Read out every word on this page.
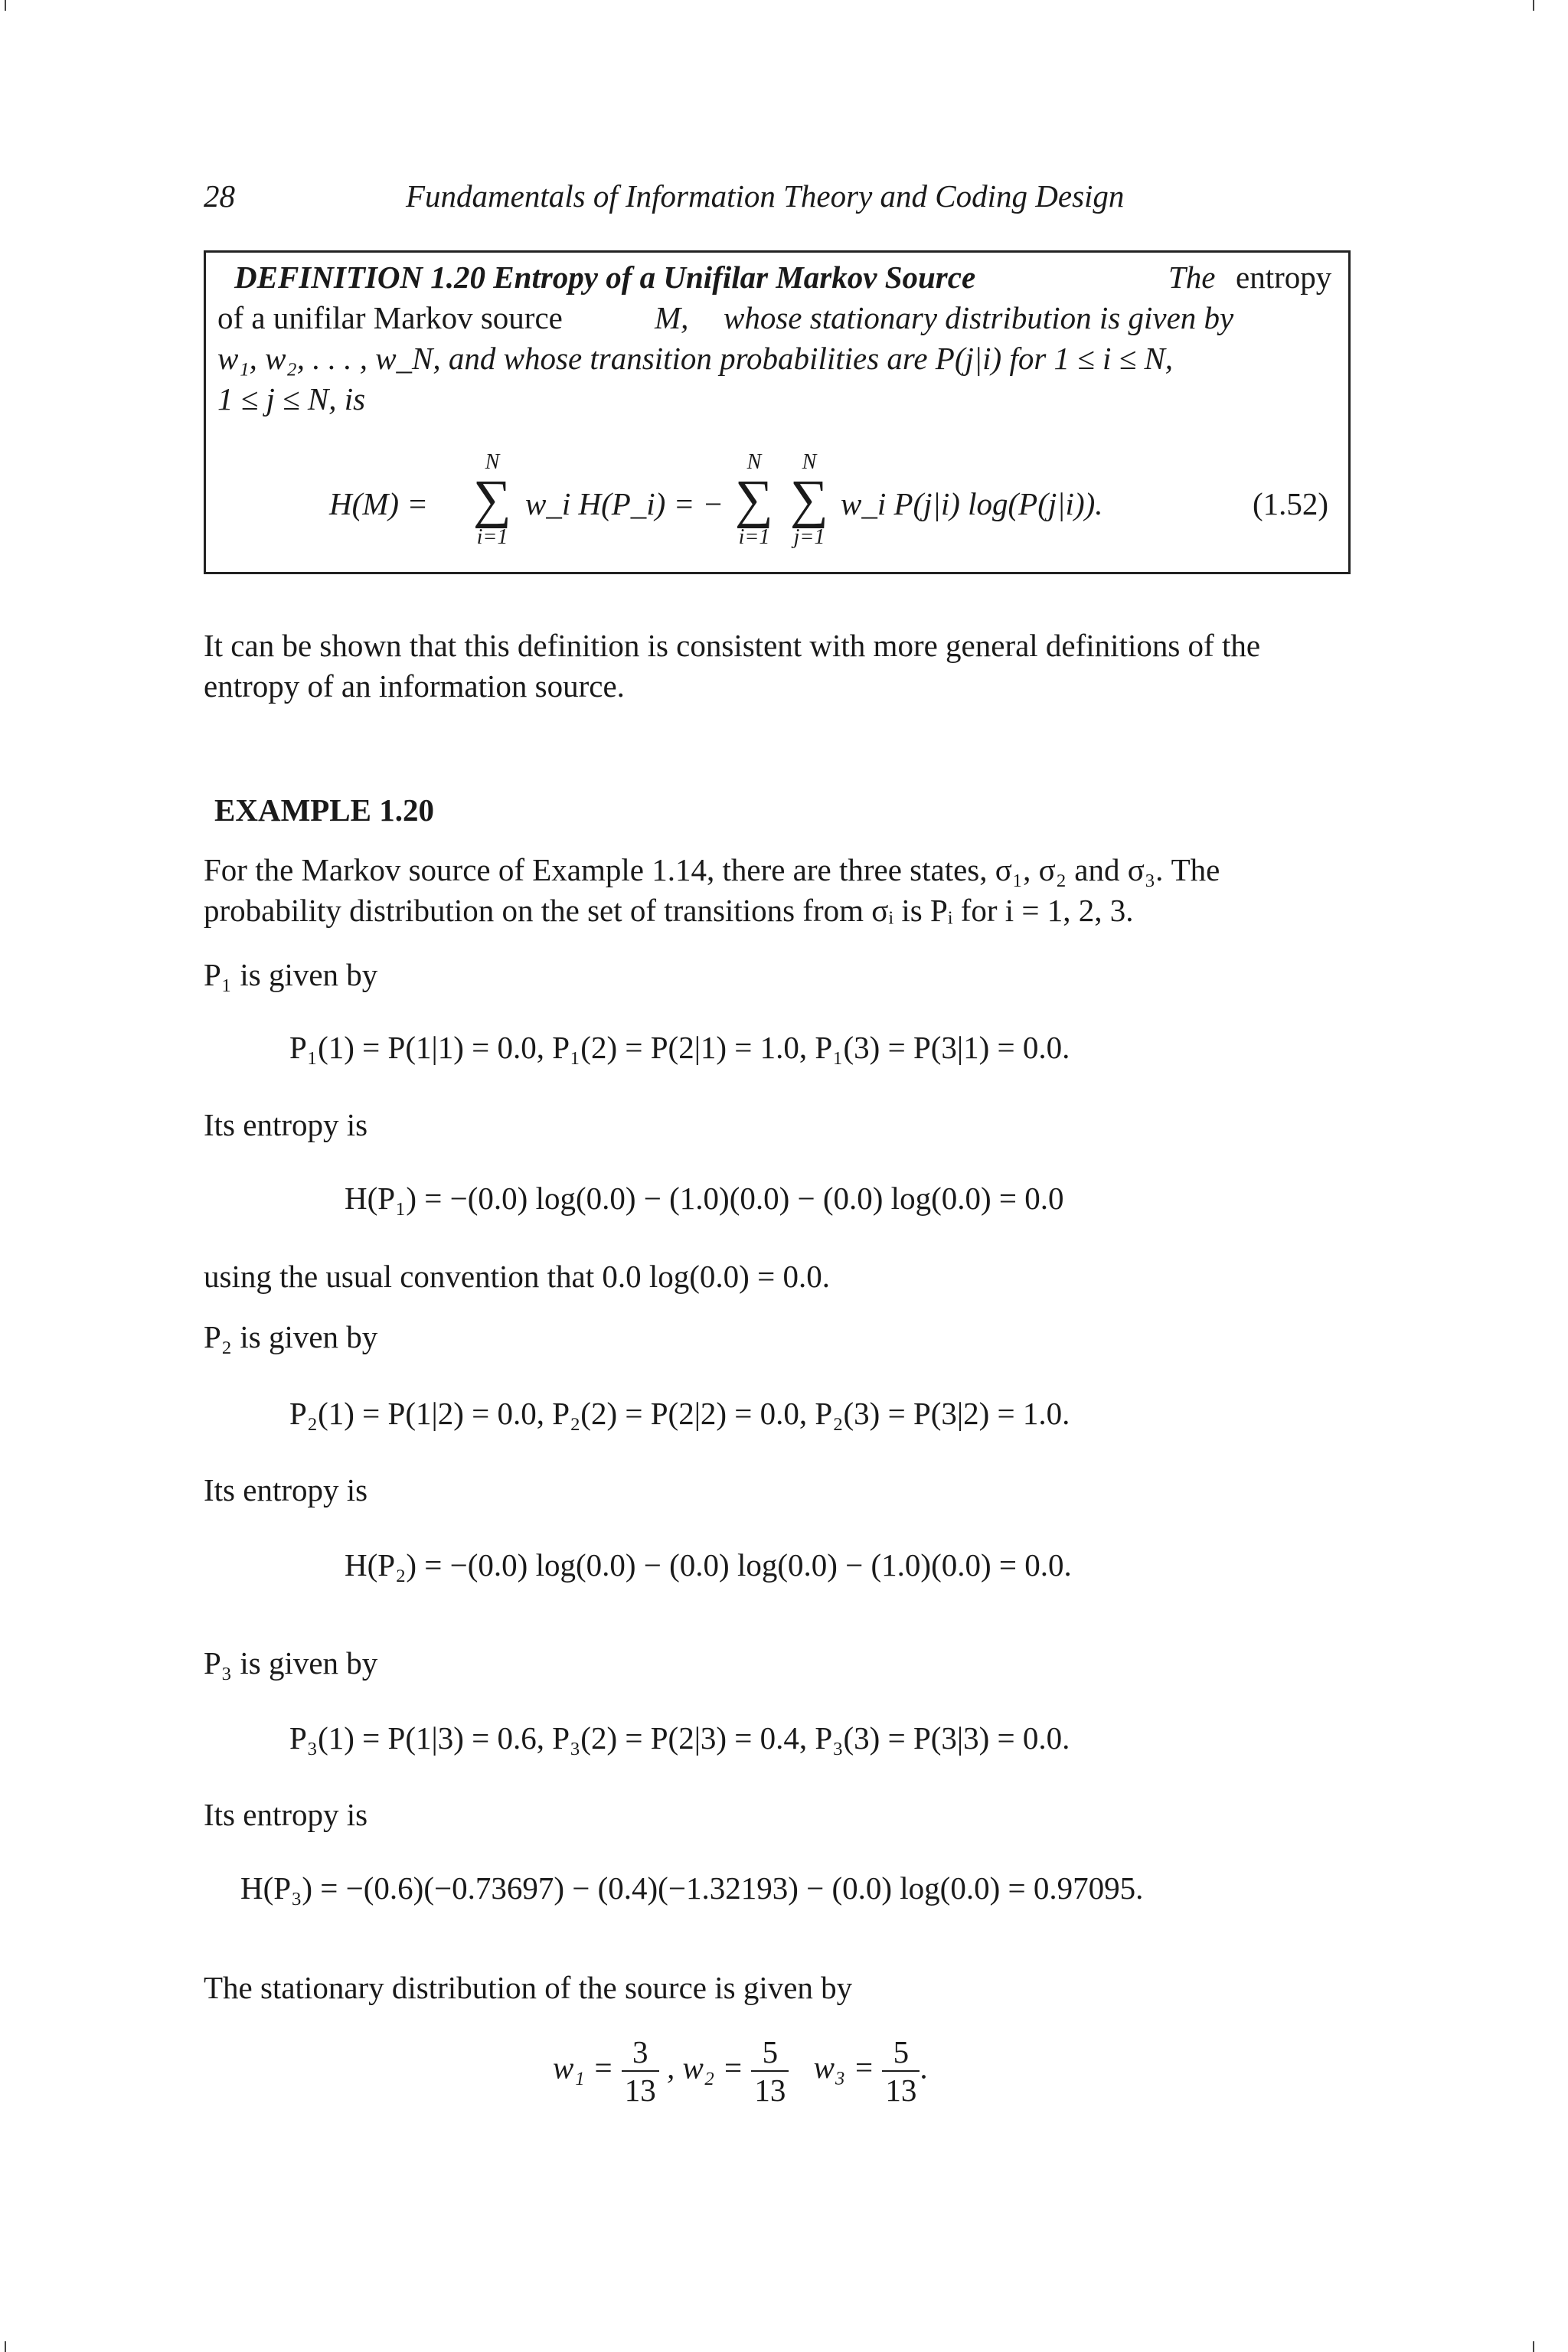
28	Fundamentals of Information Theory and Coding Design
DEFINITION 1.20 Entropy of a Unifilar Markov Source	The entropy
of a unifilar Markov source	M, whose stationary distribution is given by
w₁, w₂, . . . , w_N, and whose transition probabilities are P(j|i) for 1 ≤ i ≤ N,
1 ≤ j ≤ N, is
H(M) =
N
∑
i=1
w_i H(P_i) = −
N
∑
i=1
N
∑
j=1
w_i P(j|i) log(P(j|i)).	(1.52)
It can be shown that this definition is consistent with more general definitions of the
entropy of an information source.
EXAMPLE 1.20
For the Markov source of Example 1.14, there are three states, σ₁, σ₂ and σ₃. The
probability distribution on the set of transitions from σᵢ is Pᵢ for i = 1, 2, 3.
P₁ is given by
P₁(1) = P(1|1) = 0.0, P₁(2) = P(2|1) = 1.0, P₁(3) = P(3|1) = 0.0.
Its entropy is
H(P₁) = −(0.0) log(0.0) − (1.0)(0.0) − (0.0) log(0.0) = 0.0
using the usual convention that 0.0 log(0.0) = 0.0.
P₂ is given by
P₂(1) = P(1|2) = 0.0, P₂(2) = P(2|2) = 0.0, P₂(3) = P(3|2) = 1.0.
Its entropy is
H(P₂) = −(0.0) log(0.0) − (0.0) log(0.0) − (1.0)(0.0) = 0.0.
P₃ is given by
P₃(1) = P(1|3) = 0.6, P₃(2) = P(2|3) = 0.4, P₃(3) = P(3|3) = 0.0.
Its entropy is
H(P₃) = −(0.6)(−0.73697) − (0.4)(−1.32193) − (0.0) log(0.0) = 0.97095.
The stationary distribution of the source is given by
$w_1 = \frac{3}{13}$ , $w_2 = \frac{5}{13} w_3 = \frac{5}{13}$ .
